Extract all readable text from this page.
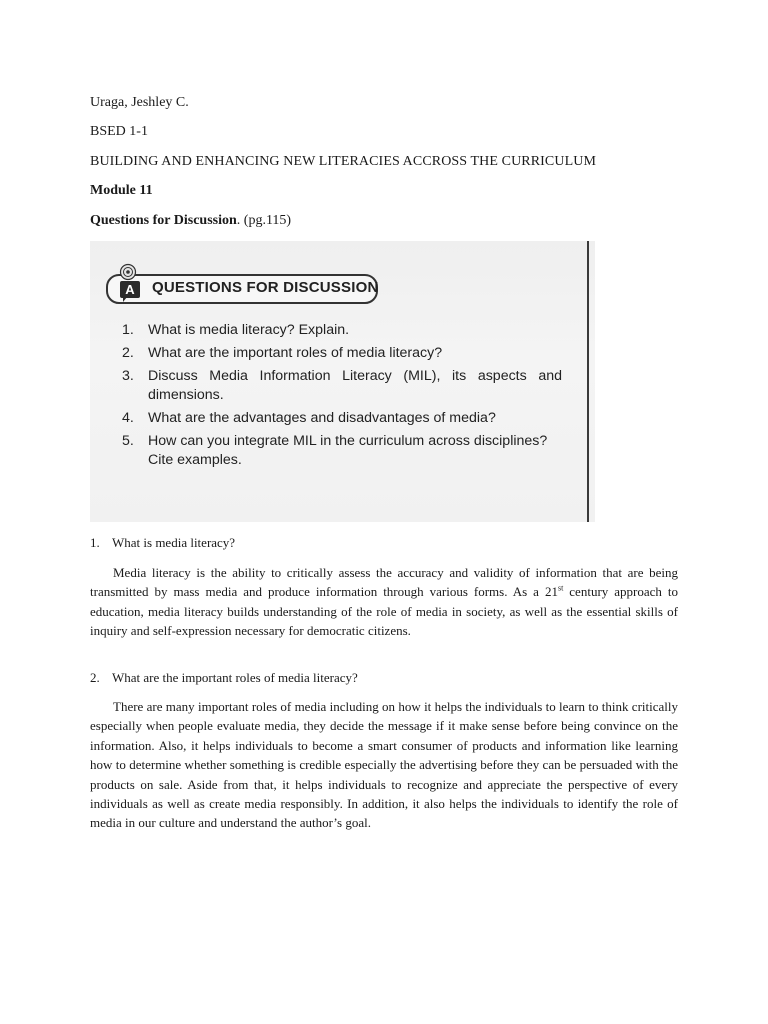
Uraga, Jeshley C.
BSED 1-1
BUILDING AND ENHANCING NEW LITERACIES ACCROSS THE CURRICULUM
Module 11
Questions for Discussion. (pg.115)
QUESTIONS FOR DISCUSSION
A
1. What is media literacy? Explain.
2. What are the important roles of media literacy?
3. Discuss Media Information Literacy (MIL), its aspects and dimensions.
4. What are the advantages and disadvantages of media?
5. How can you integrate MIL in the curriculum across disciplines? Cite examples.
1. What is media literacy?
Media literacy is the ability to critically assess the accuracy and validity of information that are being transmitted by mass media and produce information through various forms. As a 21st century approach to education, media literacy builds understanding of the role of media in society, as well as the essential skills of inquiry and self-expression necessary for democratic citizens.
2. What are the important roles of media literacy?
There are many important roles of media including on how it helps the individuals to learn to think critically especially when people evaluate media, they decide the message if it make sense before being convince on the information. Also, it helps individuals to become a smart consumer of products and information like learning how to determine whether something is credible especially the advertising before they can be persuaded with the products on sale. Aside from that, it helps individuals to recognize and appreciate the perspective of every individuals as well as create media responsibly. In addition, it also helps the individuals to identify the role of media in our culture and understand the author’s goal.
